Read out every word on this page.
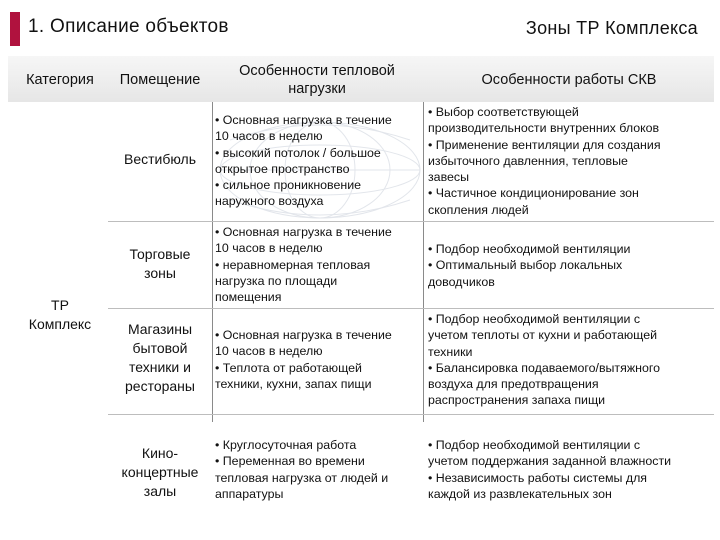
1. Описание объектов	Зоны ТР Комплекса
Категория	Помещение
Особенности тепловой
нагрузки
Особенности работы СКВ
ТР
Комплекс
Вестибюль
• Основная нагрузка в течение
10 часов в неделю
• высокий потолок / большое
открытое пространство
• сильное проникновение
наружного воздуха
• Выбор соответствующей
производительности внутренних блоков
• Применение вентиляции для создания
избыточного давленния, тепловые
завесы
• Частичное кондиционирование зон
скопления людей
Торговые
зоны
• Основная нагрузка в течение
10 часов в неделю
• неравномерная тепловая
нагрузка по площади
помещения
• Подбор необходимой вентиляции
• Оптимальный выбор локальных
доводчиков
Магазины
бытовой
техники и
рестораны
• Основная нагрузка в течение
10 часов в неделю
• Теплота от работающей
техники, кухни, запах пищи
• Подбор необходимой вентиляции с
учетом теплоты от кухни и работающей
техники
• Балансировка подаваемого/вытяжного
воздуха для предотвращения
распространения запаха пищи
Кино-
концертные
залы
• Круглосуточная работа
• Переменная во времени
тепловая нагрузка от людей и
аппаратуры
• Подбор необходимой вентиляции с
учетом поддержания заданной влажности
• Независимость работы системы для
каждой из развлекательных зон
